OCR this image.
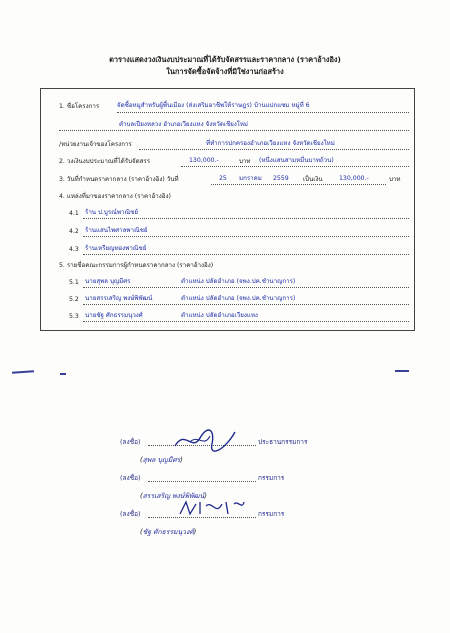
ตารางแสดงวงเงินงบประมาณที่ได้รับจัดสรรและราคากลาง (ราคาอ้างอิง)
ในการจัดซื้อจัดจ้างที่มิใช่งานก่อสร้าง
1. ชื่อโครงการ	จัดซื้อหมูสำหรับผู้พื้นเมือง (ส่งเสริมอาชีพให้ราษฎร) บ้านแปกแซม หมู่ที่ 6
ตำบลเปียงหลวง อำเภอเวียงแหง จังหวัดเชียงใหม่
/หน่วยงานเจ้าของโครงการ	ที่ทำการปกครองอำเภอเวียงแหง จังหวัดเชียงใหม่
2. วงเงินงบประมาณที่ได้รับจัดสรร	130,000.-	บาท (หนึ่งแสนสามหมื่นบาทถ้วน)
3. วันที่กำหนดราคากลาง (ราคาอ้างอิง) วันที่	25 มกราคม 2559 เป็นเงิน	130,000.-	บาท
4. แหล่งที่มาของราคากลาง (ราคาอ้างอิง)
4.1 ร้าน ป.บูรณ์พาณิชย์
4.2 ร้านแสนไพศาลพาณิชย์
4.3 ร้านเหรียญทองพาณิชย์
5. รายชื่อคณะกรรมการผู้กำหนดราคากลาง (ราคาอ้างอิง)
5.1 นายสุพล บุญมีศร	ตำแหน่ง ปลัดอำเภอ (จพง.ปค.ชำนาญการ)
5.2 นายสรรเสริญ พงษ์พิพัฒน์	ตำแหน่ง ปลัดอำเภอ (จพง.ปค.ชำนาญการ)
5.3 นายชัฐ ศักธรรมนุวงศ์	ตำแหน่ง ปลัดอำเภอเวียงแหง
(ลงชื่อ)	ประธานกรรมการ
(สุพล บุญมีศร)
(ลงชื่อ)	กรรมการ
(สรรเสริญ พงษ์พิพัฒน์)
(ลงชื่อ)	กรรมการ
(ชัฐ ศักธรรมนุวงศ์)
